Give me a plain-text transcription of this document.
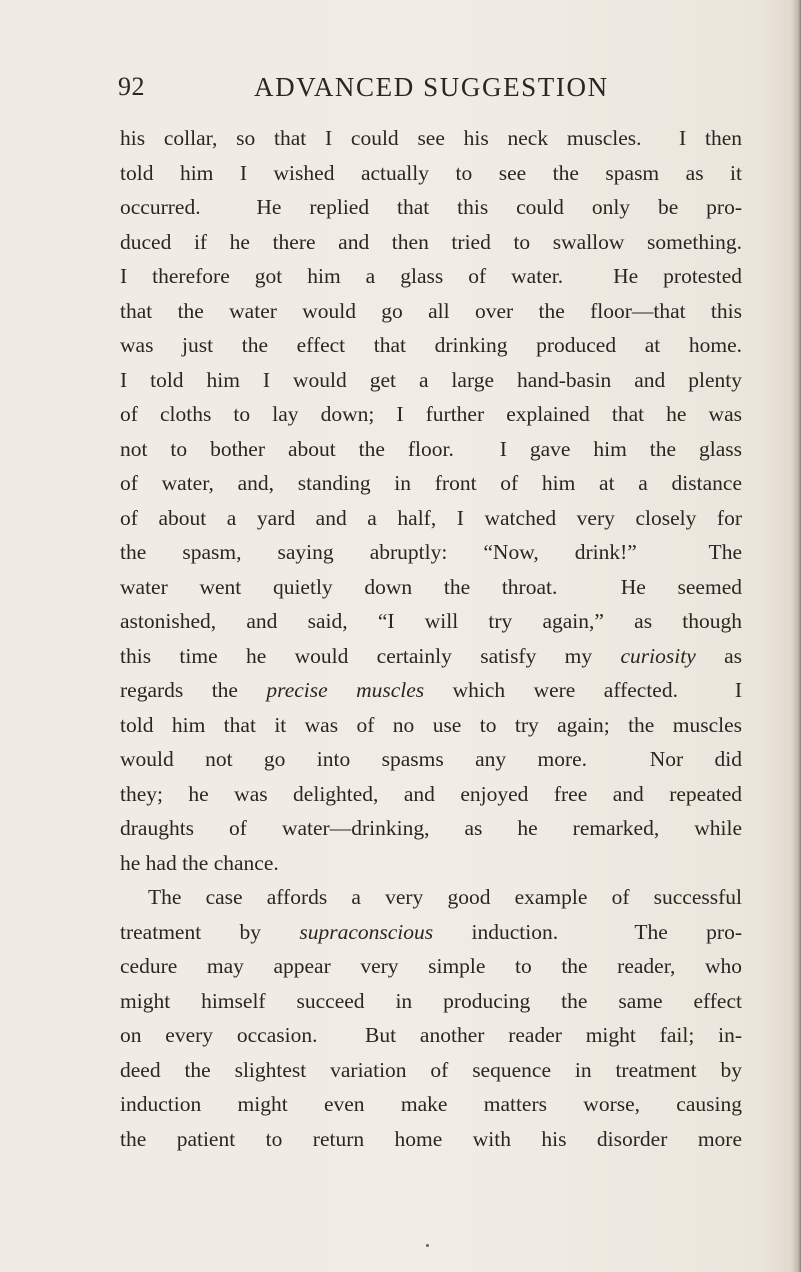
92	ADVANCED SUGGESTION
his collar, so that I could see his neck muscles.  I then
told him I wished actually to see the spasm as it
occurred.  He replied that this could only be pro-
duced if he there and then tried to swallow something.
I therefore got him a glass of water.  He protested
that the water would go all over the floor—that this
was just the effect that drinking produced at home.
I told him I would get a large hand-basin and plenty
of cloths to lay down; I further explained that he was
not to bother about the floor.  I gave him the glass
of water, and, standing in front of him at a distance
of about a yard and a half, I watched very closely for
the spasm, saying abruptly: “Now, drink!”  The
water went quietly down the throat.  He seemed
astonished, and said, “I will try again,” as though
this time he would certainly satisfy my curiosity as
regards the precise muscles which were affected.  I
told him that it was of no use to try again; the muscles
would not go into spasms any more.  Nor did
they; he was delighted, and enjoyed free and repeated
draughts of water—drinking, as he remarked, while
he had the chance.
The case affords a very good example of successful
treatment by supraconscious induction.  The pro-
cedure may appear very simple to the reader, who
might himself succeed in producing the same effect
on every occasion.  But another reader might fail; in-
deed the slightest variation of sequence in treatment by
induction might even make matters worse, causing
the patient to return home with his disorder more
